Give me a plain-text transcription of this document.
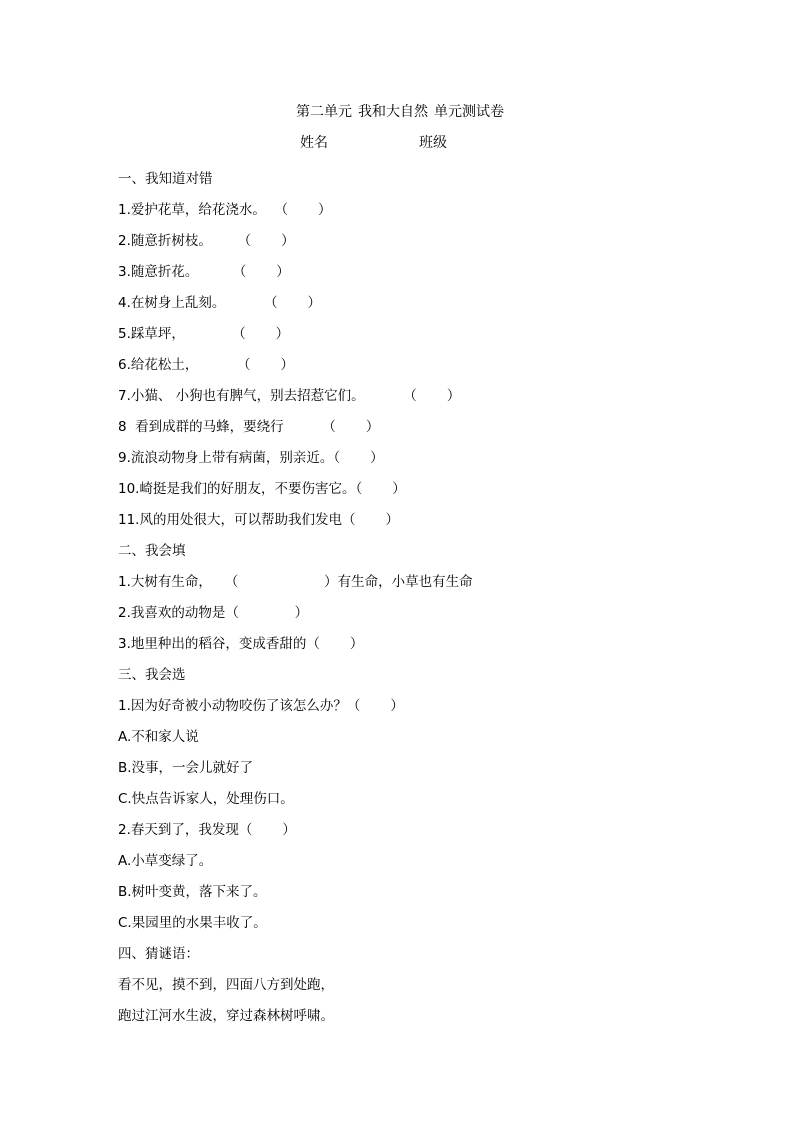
第二单元 我和大自然 单元测试卷
姓名	班级
一、我知道对错
1.爱护花草，给花浇水。  （       ）
2.随意折树枝。      （       ）
3.随意折花。        （       ）
4.在树身上乱刻。         （       ）
5.踩草坪，           （       ）
6.给花松土，         （       ）
7.小猫、 小狗也有脾气，别去招惹它们。         （       ）
8  看到成群的马蜂，要绕行         （       ）
9.流浪动物身上带有病菌，别亲近。（       ）
10.崎挺是我们的好朋友，不要伤害它。（       ）
11.风的用处很大，可以帮助我们发电（       ）
二、我会填
1.大树有生命，   （                    ）有生命，小草也有生命
2.我喜欢的动物是（             ）
3.地里种出的稻谷，变成香甜的（       ）
三、我会选
1.因为好奇被小动物咬伤了该怎么办？（       ）
A.不和家人说
B.没事，一会儿就好了
C.快点告诉家人，处理伤口。
2.春天到了，我发现（       ）
A.小草变绿了。
B.树叶变黄，落下来了。
C.果园里的水果丰收了。
四、猜谜语：
看不见，摸不到，四面八方到处跑，
跑过江河水生波，穿过森林树呼啸。
